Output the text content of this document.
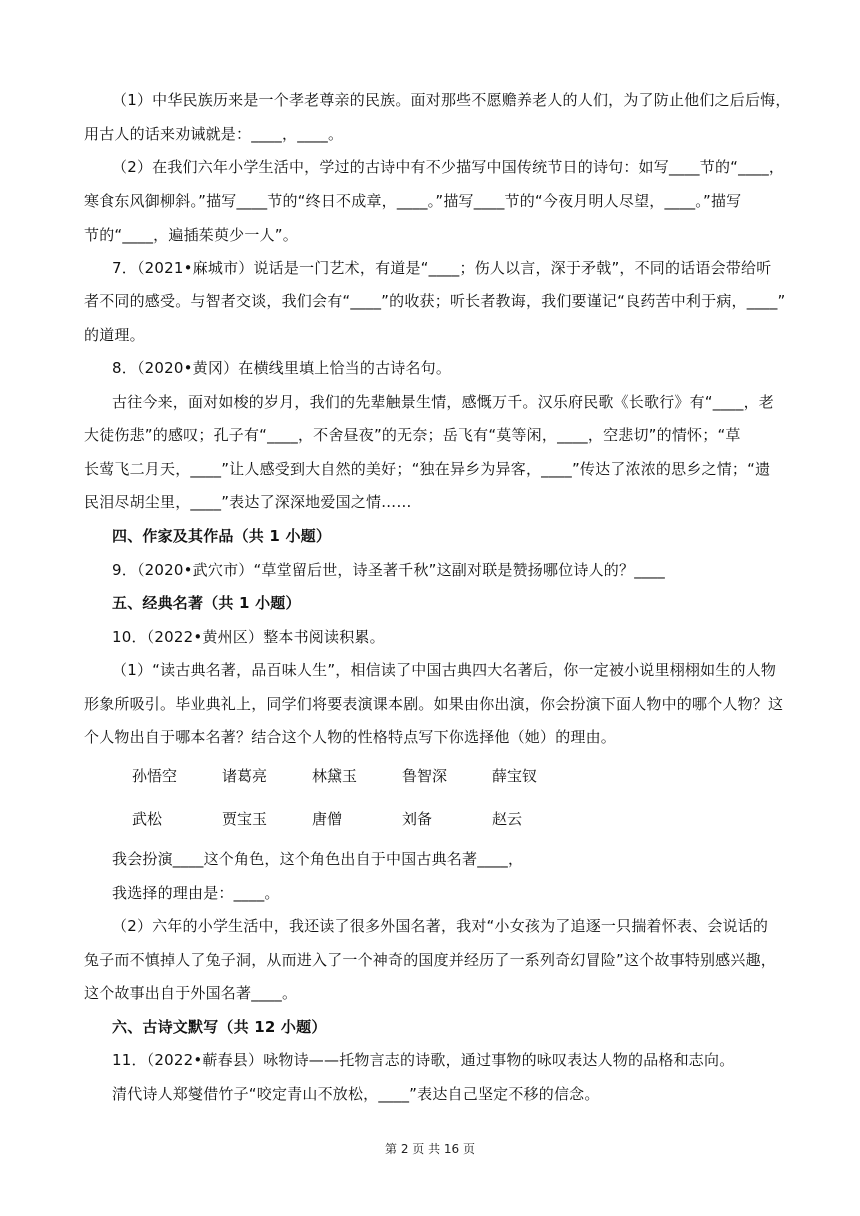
（1）中华民族历来是一个孝老尊亲的民族。面对那些不愿赡养老人的人们，为了防止他们之后后悔，
用古人的话来劝诫就是：____，____。
（2）在我们六年小学生活中，学过的古诗中有不少描写中国传统节日的诗句：如写____节的“____，
寒食东风御柳斜。”描写____节的“终日不成章，____。”描写____节的“今夜月明人尽望，____。”描写
节的“____，遍插茱萸少一人”。
7．（2021•麻城市）说话是一门艺术，有道是“____；伤人以言，深于矛戟”，不同的话语会带给听
者不同的感受。与智者交谈，我们会有“____”的收获；听长者教诲，我们要谨记“良药苦中利于病，____”
的道理。
8．（2020•黄冈）在横线里填上恰当的古诗名句。
古往今来，面对如梭的岁月，我们的先辈触景生情，感慨万千。汉乐府民歌《长歌行》有“____，老
大徒伤悲”的感叹；孔子有“____，不舍昼夜”的无奈；岳飞有“莫等闲，____，空悲切”的情怀；“草
长莺飞二月天，____”让人感受到大自然的美好；“独在异乡为异客，____”传达了浓浓的思乡之情；“遗
民泪尽胡尘里，____”表达了深深地爱国之情……
四、作家及其作品（共 1 小题）
9．（2020•武穴市）“草堂留后世，诗圣著千秋”这副对联是赞扬哪位诗人的？____
五、经典名著（共 1 小题）
10．（2022•黄州区）整本书阅读积累。
（1）“读古典名著，品百味人生”，相信读了中国古典四大名著后，你一定被小说里栩栩如生的人物
形象所吸引。毕业典礼上，同学们将要表演课本剧。如果由你出演，你会扮演下面人物中的哪个人物？这
个人物出自于哪本名著？结合这个人物的性格特点写下你选择他（她）的理由。
孙悟空	诸葛亮	林黛玉	鲁智深	薛宝钗
武松	贾宝玉	唐僧	刘备	赵云
我会扮演____这个角色，这个角色出自于中国古典名著____，
我选择的理由是：____。
（2）六年的小学生活中，我还读了很多外国名著，我对“小女孩为了追逐一只揣着怀表、会说话的
兔子而不慎掉人了兔子洞，从而进入了一个神奇的国度并经历了一系列奇幻冒险”这个故事特别感兴趣，
这个故事出自于外国名著____。
六、古诗文默写（共 12 小题）
11．（2022•蕲春县）咏物诗——托物言志的诗歌，通过事物的咏叹表达人物的品格和志向。
清代诗人郑燮借竹子“咬定青山不放松，____”表达自己坚定不移的信念。
第 2 页 共 16 页
